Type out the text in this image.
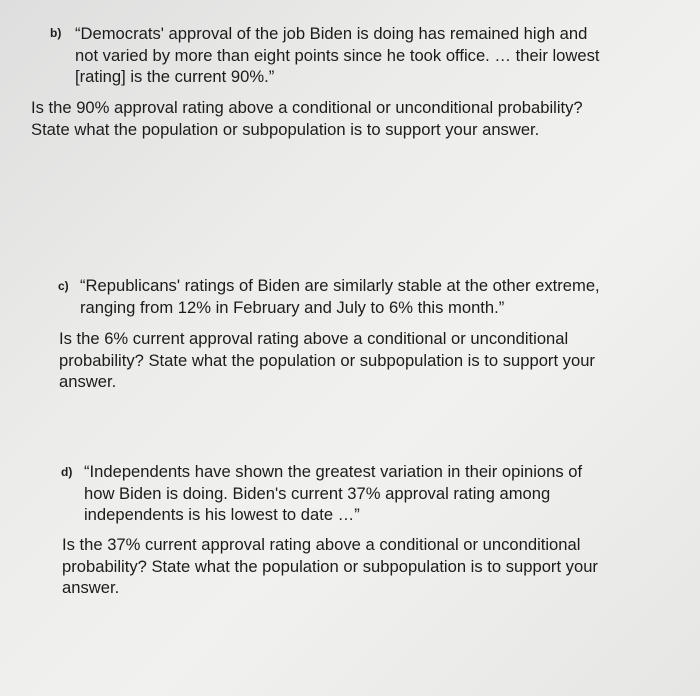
b) “Democrats' approval of the job Biden is doing has remained high and
not varied by more than eight points since he took office. … their lowest
[rating] is the current 90%.”
Is the 90% approval rating above a conditional or unconditional probability?
State what the population or subpopulation is to support your answer.
c) “Republicans' ratings of Biden are similarly stable at the other extreme,
ranging from 12% in February and July to 6% this month.”
Is the 6% current approval rating above a conditional or unconditional
probability? State what the population or subpopulation is to support your
answer.
d) “Independents have shown the greatest variation in their opinions of
how Biden is doing. Biden's current 37% approval rating among
independents is his lowest to date …”
Is the 37% current approval rating above a conditional or unconditional
probability? State what the population or subpopulation is to support your
answer.
